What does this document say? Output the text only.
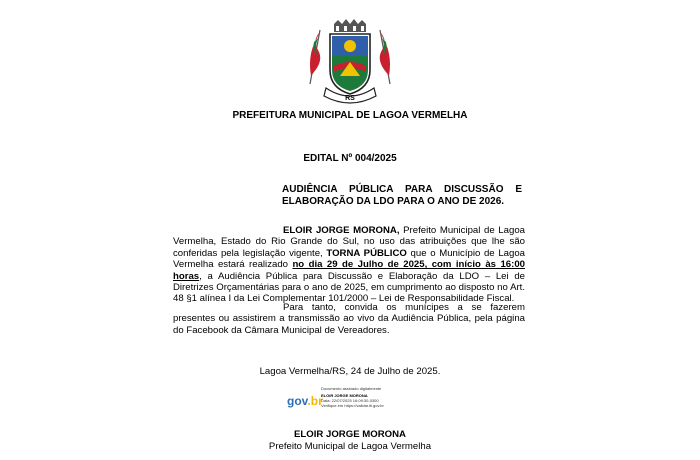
RS
PREFEITURA MUNICIPAL DE LAGOA VERMELHA
EDITAL Nº 004/2025
AUDIÊNCIA PÚBLICA PARA DISCUSSÃO E ELABORAÇÃO DA LDO PARA O ANO DE 2026.
ELOIR JORGE MORONA, Prefeito Municipal de Lagoa Vermelha, Estado do Rio Grande do Sul, no uso das atribuições que lhe são conferidas pela legislação vigente, TORNA PÚBLICO que o Município de Lagoa Vermelha estará realizado no dia 29 de Julho de 2025, com início às 16:00 horas, a Audiência Pública para Discussão e Elaboração da LDO – Lei de Diretrizes Orçamentárias para o ano de 2025, em cumprimento ao disposto no Art. 48 §1 alínea I da Lei Complementar 101/2000 – Lei de Responsabilidade Fiscal.
Para tanto, convida os munícipes a se fazerem presentes ou assistirem a transmissão ao vivo da Audiência Pública, pela página do Facebook da Câmara Municipal de Vereadores.
Lagoa Vermelha/RS, 24 de Julho de 2025.
gov.br
Documento assinado digitalmente
ELOIR JORGE MORONA
Data: 22/07/2025 16:09:30-0300
Verifique em https://validar.iti.gov.br
ELOIR JORGE MORONA
Prefeito Municipal de Lagoa Vermelha
